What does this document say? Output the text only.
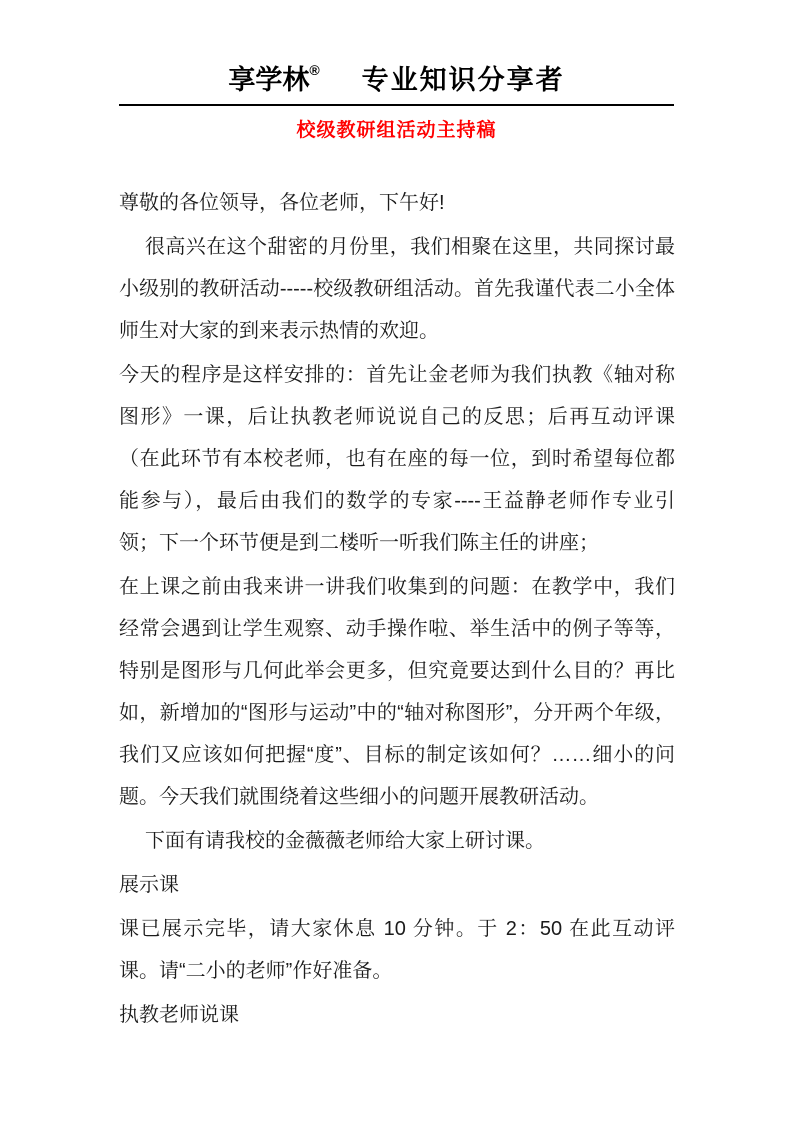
享学林® 专业知识分享者
校级教研组活动主持稿

尊敬的各位领导，各位老师，下午好!

很高兴在这个甜密的月份里，我们相聚在这里，共同探讨最小级别的教研活动-----校级教研组活动。首先我谨代表二小全体师生对大家的到来表示热情的欢迎。

今天的程序是这样安排的：首先让金老师为我们执教《轴对称图形》一课，后让执教老师说说自己的反思；后再互动评课（在此环节有本校老师，也有在座的每一位，到时希望每位都能参与），最后由我们的数学的专家----王益静老师作专业引领；下一个环节便是到二楼听一听我们陈主任的讲座；

在上课之前由我来讲一讲我们收集到的问题：在教学中，我们经常会遇到让学生观察、动手操作啦、举生活中的例子等等，特别是图形与几何此举会更多，但究竟要达到什么目的？再比如，新增加的“图形与运动”中的“轴对称图形”，分开两个年级，我们又应该如何把握“度”、目标的制定该如何？……细小的问题。今天我们就围绕着这些细小的问题开展教研活动。

下面有请我校的金薇薇老师给大家上研讨课。

展示课

课已展示完毕，请大家休息 10 分钟。于 2：50 在此互动评课。请“二小的老师”作好准备。

执教老师说课
